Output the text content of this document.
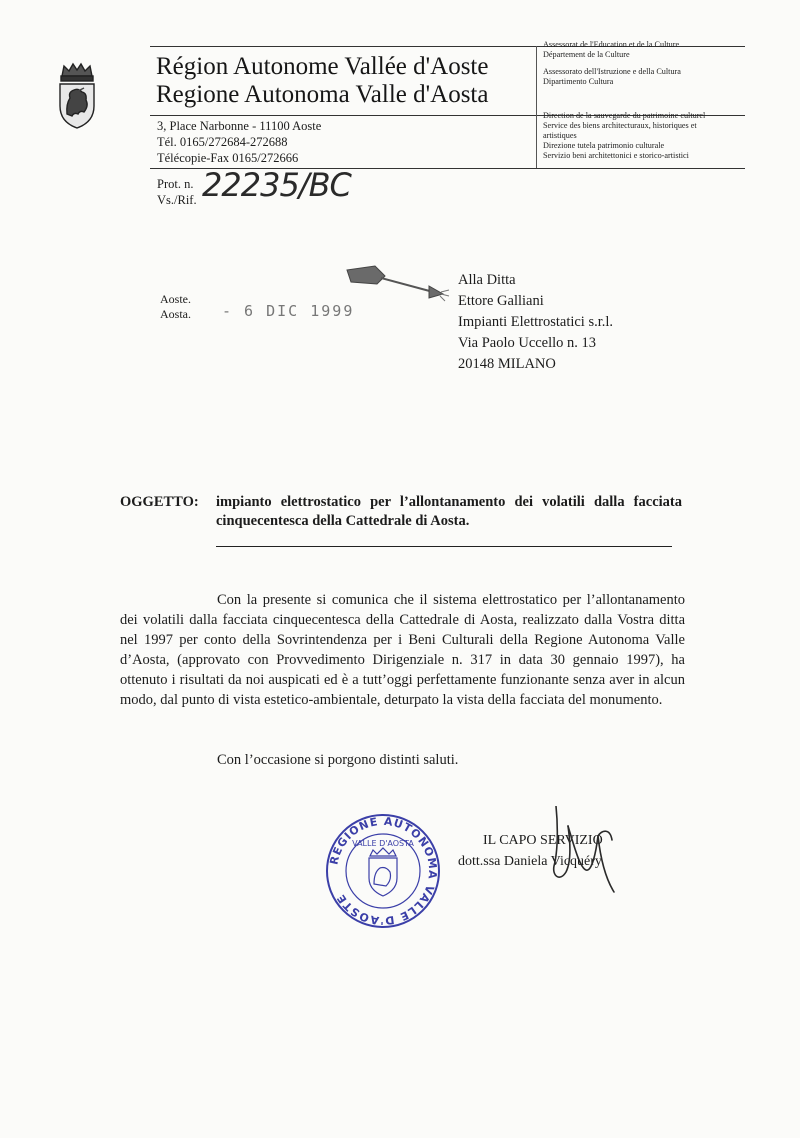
Région Autonome Vallée d'Aoste
Regione Autonoma Valle d'Aosta
3, Place Narbonne - 11100 Aoste
Tél. 0165/272684-272688
Télécopie-Fax 0165/272666
Assessorat de l'Education et de la Culture
Département de la Culture
Assessorato dell'Istruzione e della Cultura
Dipartimento Cultura
Direction de la sauvegarde du patrimoine culturel
Service des biens architecturaux, historiques et
artistiques
Direzione tutela patrimonio culturale
Servizio beni architettonici e storico-artistici
Prot. n.
Vs./Rif. 22235/BC
Aoste.
Aosta. - 6 DIC 1999
Alla Ditta
Ettore Galliani
Impianti Elettrostatici s.r.l.
Via Paolo Uccello n. 13
20148 MILANO
OGGETTO: impianto elettrostatico per l’allontanamento dei volatili dalla facciata cinquecentesca della Cattedrale di Aosta.
Con la presente si comunica che il sistema elettrostatico per l’allontanamento dei volatili dalla facciata cinquecentesca della Cattedrale di Aosta, realizzato dalla Vostra ditta nel 1997 per conto della Sovrintendenza per i Beni Culturali della Regione Autonoma Valle d’Aosta, (approvato con Provvedimento Dirigenziale n. 317 in data 30 gennaio 1997), ha ottenuto i risultati da noi auspicati ed è a tutt’oggi perfettamente funzionante senza aver in alcun modo, dal punto di vista estetico-ambientale, deturpato la vista della facciata del monumento.
Con l’occasione si porgono distinti saluti.
REGIONE AUTONOMA VALLE D'AOSTE
VALLE D'AOSTA	IL CAPO SERVIZIO
dott.ssa Daniela Vicquéry
